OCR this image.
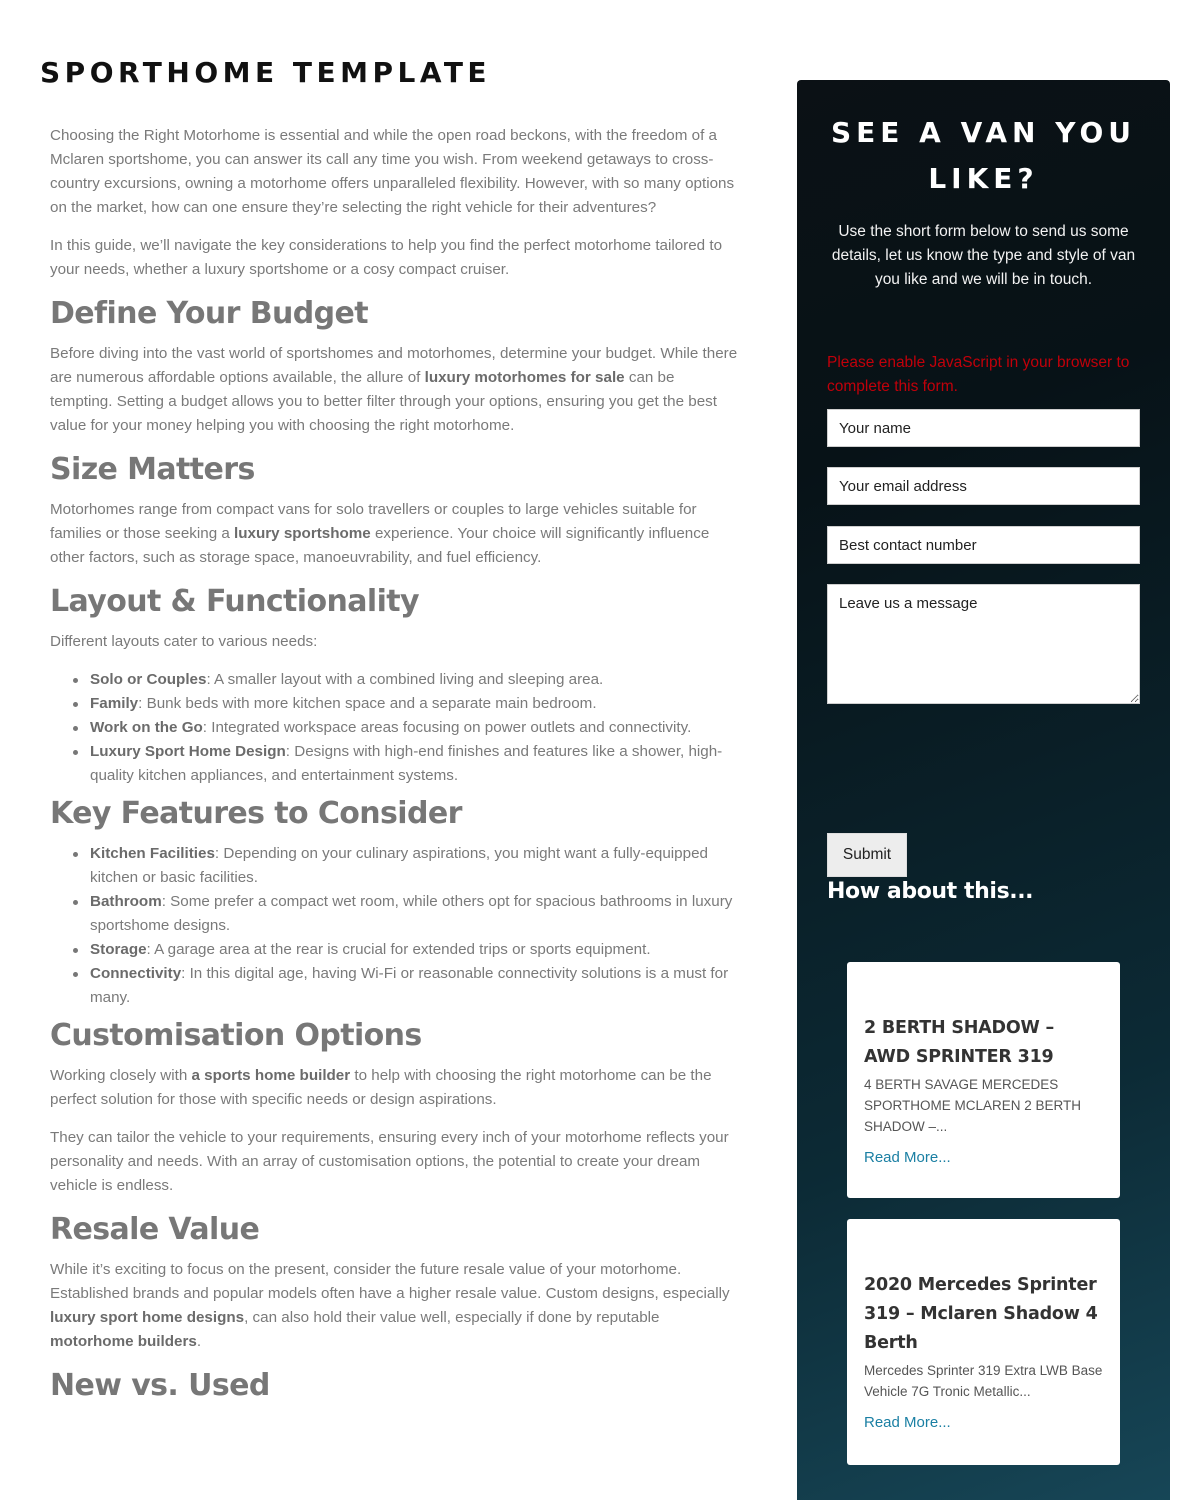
SPORTHOME TEMPLATE

Choosing the Right Motorhome is essential and while the open road beckons, with the freedom of a Mclaren sportshome, you can answer its call any time you wish. From weekend getaways to cross-country excursions, owning a motorhome offers unparalleled flexibility. However, with so many options on the market, how can one ensure they’re selecting the right vehicle for their adventures?

In this guide, we’ll navigate the key considerations to help you find the perfect motorhome tailored to your needs, whether a luxury sportshome or a cosy compact cruiser.

Define Your Budget

Before diving into the vast world of sportshomes and motorhomes, determine your budget. While there are numerous affordable options available, the allure of luxury motorhomes for sale can be tempting. Setting a budget allows you to better filter through your options, ensuring you get the best value for your money helping you with choosing the right motorhome.

Size Matters

Motorhomes range from compact vans for solo travellers or couples to large vehicles suitable for families or those seeking a luxury sportshome experience. Your choice will significantly influence other factors, such as storage space, manoeuvrability, and fuel efficiency.

Layout & Functionality

Different layouts cater to various needs:

Solo or Couples: A smaller layout with a combined living and sleeping area.
Family: Bunk beds with more kitchen space and a separate main bedroom.
Work on the Go: Integrated workspace areas focusing on power outlets and connectivity.
Luxury Sport Home Design: Designs with high-end finishes and features like a shower, high-quality kitchen appliances, and entertainment systems.
Key Features to Consider
Kitchen Facilities: Depending on your culinary aspirations, you might want a fully-equipped kitchen or basic facilities.
Bathroom: Some prefer a compact wet room, while others opt for spacious bathrooms in luxury sportshome designs.
Storage: A garage area at the rear is crucial for extended trips or sports equipment.
Connectivity: In this digital age, having Wi-Fi or reasonable connectivity solutions is a must for many.
Customisation Options

Working closely with a sports home builder to help with choosing the right motorhome can be the perfect solution for those with specific needs or design aspirations.

They can tailor the vehicle to your requirements, ensuring every inch of your motorhome reflects your personality and needs. With an array of customisation options, the potential to create your dream vehicle is endless.

Resale Value

While it’s exciting to focus on the present, consider the future resale value of your motorhome. Established brands and popular models often have a higher resale value. Custom designs, especially luxury sport home designs, can also hold their value well, especially if done by reputable motorhome builders.

New vs. Used
SEE A VAN YOU LIKE?
Use the short form below to send us some details, let us know the type and style of van you like and we will be in touch.
Please enable JavaScript in your browser to complete this form.
Your name
Your email address
Best contact number
Leave us a message
Submit
How about this...
2 BERTH SHADOW – AWD SPRINTER 319
4 BERTH SAVAGE MERCEDES SPORTHOME MCLAREN 2 BERTH SHADOW –...
Read More...
2020 Mercedes Sprinter 319 – Mclaren Shadow 4 Berth
Mercedes Sprinter 319 Extra LWB Base Vehicle 7G Tronic Metallic...
Read More...
